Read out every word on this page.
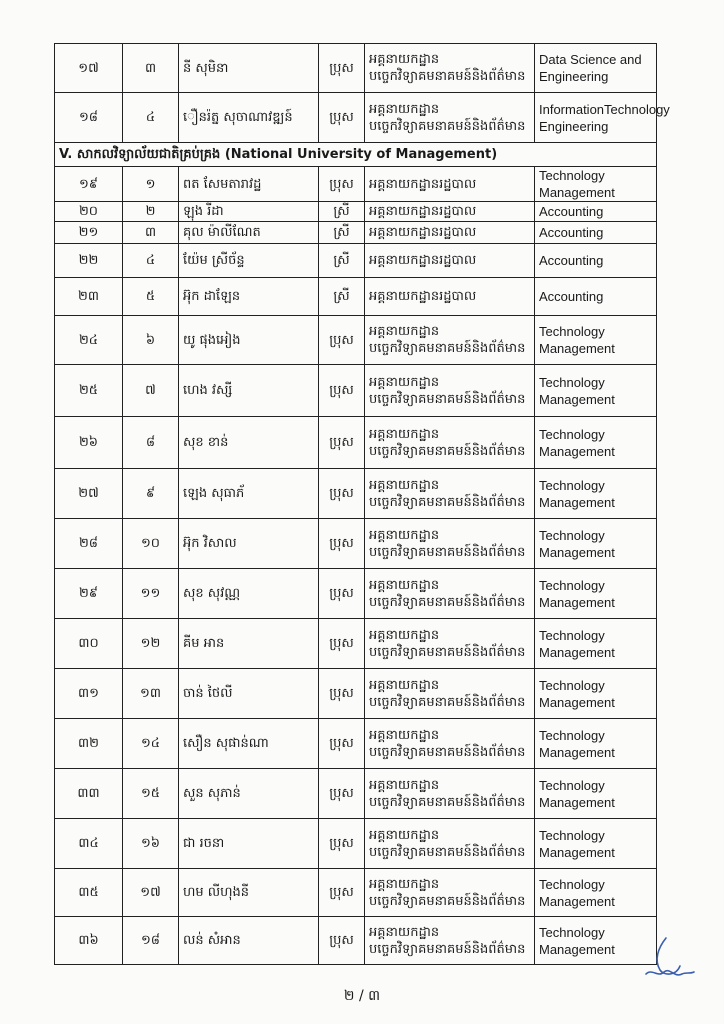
១៧	៣	នី សុមិនា	ប្រុស	អគ្គនាយកដ្ឋានបច្ចេកវិទ្យាគមនាគមន៍និងព័ត៌មាន	Data Science and Engineering
១៨	៤	ឿនរ៉ត្ន សុចាណាវឌ្ឍន៍	ប្រុស	អគ្គនាយកដ្ឋានបច្ចេកវិទ្យាគមនាគមន៍និងព័ត៌មាន	InformationTechnology Engineering
V. សាកលវិទ្យាល័យជាតិគ្រប់គ្រង (National University of Management)					
១៩	១	ពត សែមតារាវដ្ឋ	ប្រុស	អគ្គនាយកដ្ឋានរដ្ឋបាល	Technology Management
២០	២	ឡុង រីដា	ស្រី	អគ្គនាយកដ្ឋានរដ្ឋបាល	Accounting
២១	៣	គុល ម៉ាលីណែត	ស្រី	អគ្គនាយកដ្ឋានរដ្ឋបាល	Accounting
២២	៤	យ៉ែម ស្រីច័ន្ទ	ស្រី	អគ្គនាយកដ្ឋានរដ្ឋបាល	Accounting
២៣	៥	អ៊ុក ដាឡែន	ស្រី	អគ្គនាយកដ្ឋានរដ្ឋបាល	Accounting
២៤	៦	យូ ផុងអៀង	ប្រុស	អគ្គនាយកដ្ឋានបច្ចេកវិទ្យាគមនាគមន៍និងព័ត៌មាន	Technology Management
២៥	៧	ហេង វស្សី	ប្រុស	អគ្គនាយកដ្ឋានបច្ចេកវិទ្យាគមនាគមន៍និងព័ត៌មាន	Technology Management
២៦	៨	សុខ ខាន់	ប្រុស	អគ្គនាយកដ្ឋានបច្ចេកវិទ្យាគមនាគមន៍និងព័ត៌មាន	Technology Management
២៧	៩	ឡេង សុធាភ័	ប្រុស	អគ្គនាយកដ្ឋានបច្ចេកវិទ្យាគមនាគមន៍និងព័ត៌មាន	Technology Management
២៨	១០	អ៊ុក វិសាល	ប្រុស	អគ្គនាយកដ្ឋានបច្ចេកវិទ្យាគមនាគមន៍និងព័ត៌មាន	Technology Management
២៩	១១	សុខ សុវណ្ណ	ប្រុស	អគ្គនាយកដ្ឋានបច្ចេកវិទ្យាគមនាគមន៍និងព័ត៌មាន	Technology Management
៣០	១២	គីម អាន	ប្រុស	អគ្គនាយកដ្ឋានបច្ចេកវិទ្យាគមនាគមន៍និងព័ត៌មាន	Technology Management
៣១	១៣	ចាន់ ថៃលី	ប្រុស	អគ្គនាយកដ្ឋានបច្ចេកវិទ្យាគមនាគមន៍និងព័ត៌មាន	Technology Management
៣២	១៤	សឿន សុផាន់ណា	ប្រុស	អគ្គនាយកដ្ឋានបច្ចេកវិទ្យាគមនាគមន៍និងព័ត៌មាន	Technology Management
៣៣	១៥	សួន សុភាន់	ប្រុស	អគ្គនាយកដ្ឋានបច្ចេកវិទ្យាគមនាគមន៍និងព័ត៌មាន	Technology Management
៣៤	១៦	ជា រចនា	ប្រុស	អគ្គនាយកដ្ឋានបច្ចេកវិទ្យាគមនាគមន៍និងព័ត៌មាន	Technology Management
៣៥	១៧	ហម លីហុងនី	ប្រុស	អគ្គនាយកដ្ឋានបច្ចេកវិទ្យាគមនាគមន៍និងព័ត៌មាន	Technology Management
៣៦	១៨	លន់ សំអាន	ប្រុស	អគ្គនាយកដ្ឋានបច្ចេកវិទ្យាគមនាគមន៍និងព័ត៌មាន	Technology Management
២ / ៣
